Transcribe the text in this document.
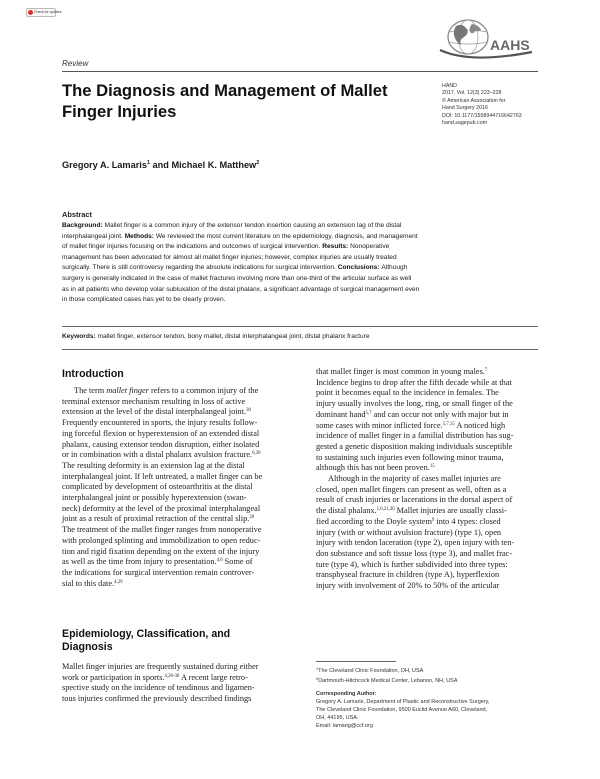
Check for updates
AAHS
Review
The Diagnosis and Management of Mallet
Finger Injuries
HAND
2017, Vol. 12(3) 223–228
© American Association for
Hand Surgery 2016
DOI: 10.1177/1558944716642763
hand.sagepub.com
Gregory A. Lamaris$^1$ and Michael K. Matthew$^2$
Abstract
Background: Mallet finger is a common injury of the extensor tendon insertion causing an extension lag of the distal
interphalangeal joint. Methods: We reviewed the most current literature on the epidemiology, diagnosis, and management
of mallet finger injuries focusing on the indications and outcomes of surgical intervention. Results: Nonoperative
management has been advocated for almost all mallet finger injuries; however, complex injuries are usually treated
surgically. There is still controversy regarding the absolute indications for surgical intervention. Conclusions: Although
surgery is generally indicated in the case of mallet fractures involving more than one-third of the articular surface as well
as in all patients who develop volar subluxation of the distal phalanx, a significant advantage of surgical management even
in those complicated cases has yet to be clearly proven.
Keywords: mallet finger, extensor tendon, bony mallet, distal interphalangeal joint, distal phalanx fracture
Introduction
The term mallet finger refers to a common injury of the
terminal extensor mechanism resulting in loss of active
extension at the level of the distal interphalangeal joint.$^{30}$
Frequently encountered in sports, the injury results follow-
ing forceful flexion or hyperextension of an extended distal
phalanx, causing extensor tendon disruption, either isolated
or in combination with a distal phalanx avulsion fracture.$^{6,30}$
The resulting deformity is an extension lag at the distal
interphalangeal joint. If left untreated, a mallet finger can be
complicated by development of osteoarthritis at the distal
interphalangeal joint or possibly hyperextension (swan-
neck) deformity at the level of the proximal interphalangeal
joint as a result of proximal retraction of the central slip.$^{20}$
The treatment of the mallet finger ranges from nonoperative
with prolonged splinting and immobilization to open reduc-
tion and rigid fixation depending on the extent of the injury
as well as the time from injury to presentation.$^{4,6}$ Some of
the indications for surgical intervention remain controver-
sial to this date.$^{4,29}$
Epidemiology, Classification, and
Diagnosis
Mallet finger injuries are frequently sustained during either
work or participation in sports.$^{4,26-30}$ A recent large retro-
spective study on the incidence of tendinous and ligamen-
tous injuries confirmed the previously described findings
that mallet finger is most common in young males.$^7$
Incidence begins to drop after the fifth decade while at that
point it becomes equal to the incidence in females. The
injury usually involves the long, ring, or small finger of the
dominant hand$^{5,7}$ and can occur not only with major but in
some cases with minor inflicted force.$^{5,7,15}$ A noticed high
incidence of mallet finger in a familial distribution has sug-
gested a genetic disposition making individuals susceptible
to sustaining such injuries even following minor trauma,
although this has not been proven.$^{15}$
Although in the majority of cases mallet injuries are
closed, open mallet fingers can present as well, often as a
result of crush injuries or lacerations in the dorsal aspect of
the distal phalanx.$^{1,6,21,30}$ Mallet injuries are usually classi-
fied according to the Doyle system$^9$ into 4 types: closed
injury (with or without avulsion fracture) (type 1), open
injury with tendon laceration (type 2), open injury with ten-
don substance and soft tissue loss (type 3), and mallet frac-
ture (type 4), which is further subdivided into three types:
transphyseal fracture in children (type A), hyperflexion
injury with involvement of 20% to 50% of the articular
$^1$The Cleveland Clinic Foundation, OH, USA
$^2$Dartmouth-Hitchcock Medical Center, Lebanon, NH, USA
Corresponding Author:
Gregory A. Lamaris, Department of Plastic and Reconstructive Surgery,
The Cleveland Clinic Foundation, 9500 Euclid Avenue A60, Cleveland,
OH, 44195, USA.
Email: lamarig@ccf.org
